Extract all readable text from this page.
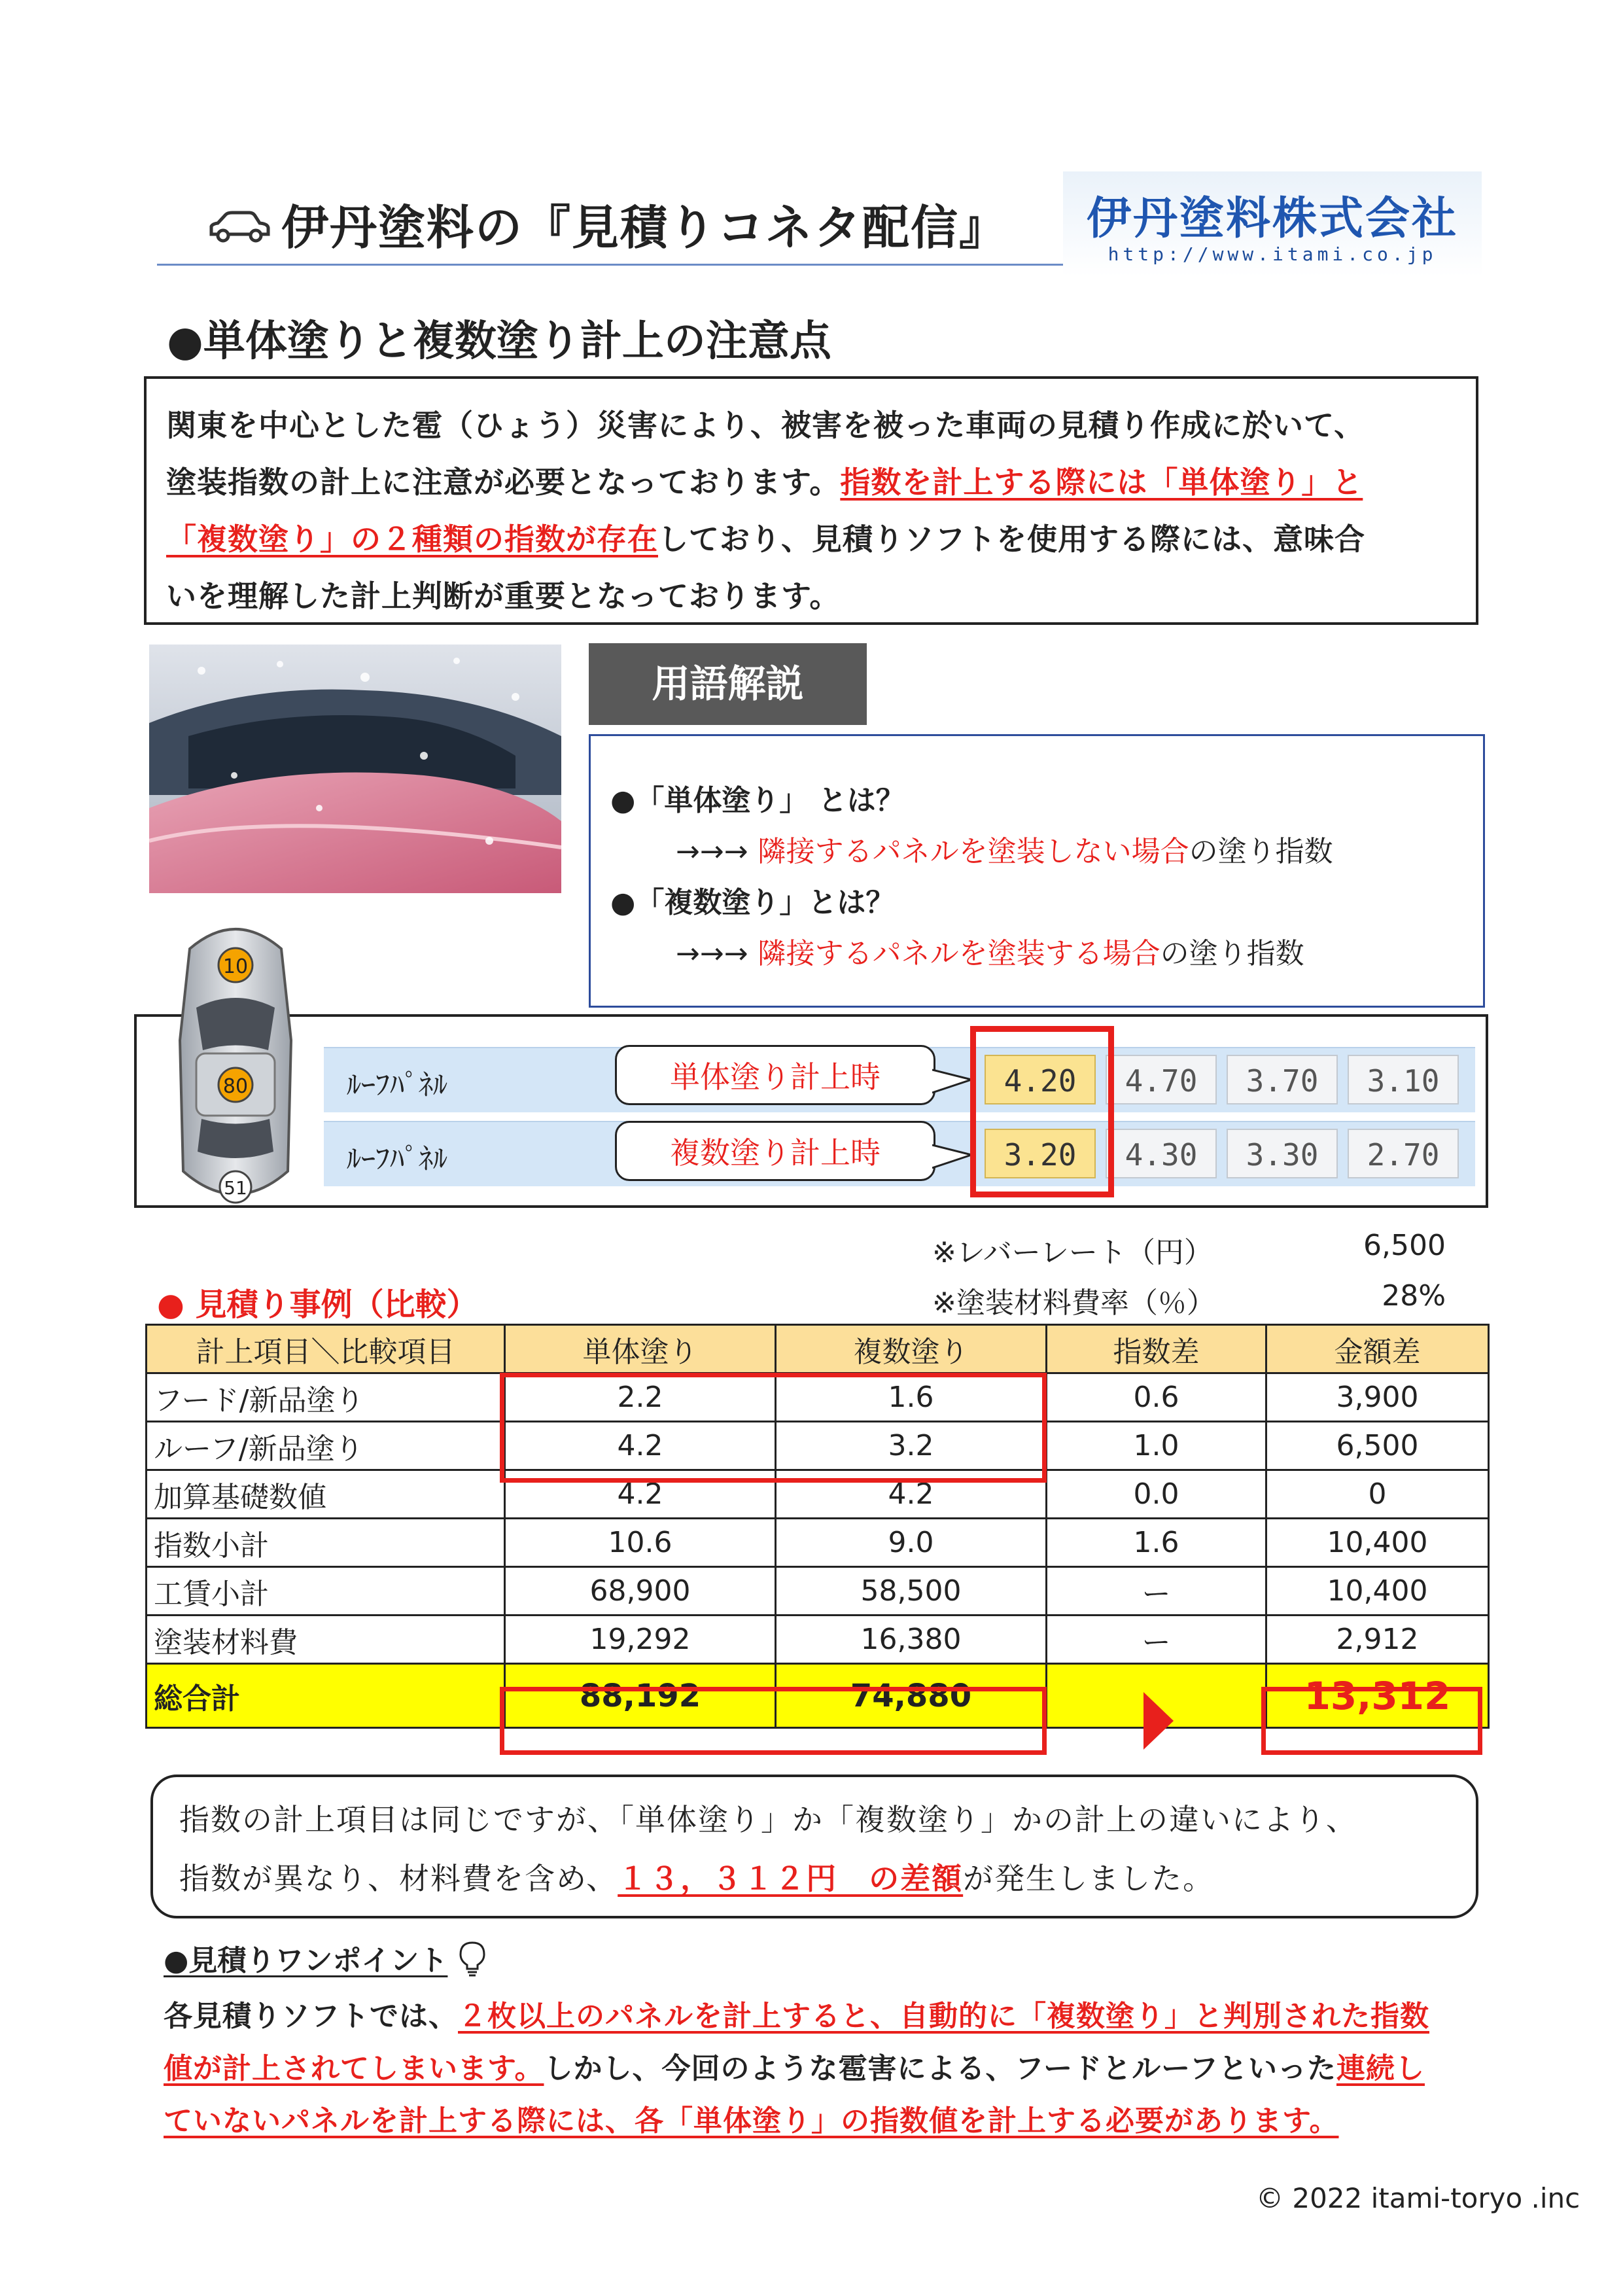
伊丹塗料の『見積りコネタ配信』	伊丹塗料株式会社
http://www.itami.co.jp
●単体塗りと複数塗り計上の注意点
関東を中心とした雹（ひょう）災害により、被害を被った車両の見積り作成に於いて、
塗装指数の計上に注意が必要となっております。指数を計上する際には「単体塗り」と
「複数塗り」の２種類の指数が存在しており、見積りソフトを使用する際には、意味合
いを理解した計上判断が重要となっております。
用語解説
●「単体塗り」 とは？
→→→ 隣接するパネルを塗装しない場合の塗り指数
●「複数塗り」とは？
→→→ 隣接するパネルを塗装する場合の塗り指数
10
80
51
ﾙｰﾌﾊﾟﾈﾙ	4.20	4.70	3.70	3.10
ﾙｰﾌﾊﾟﾈﾙ	3.20	4.30	3.30	2.70
単体塗り計上時
複数塗り計上時
※レバーレート（円）	6,500
※塗装材料費率（％）	28%
● 見積り事例（比較）
計上項目＼比較項目	単体塗り	複数塗り	指数差	金額差
フード/新品塗り	2.2	1.6	0.6	3,900
ルーフ/新品塗り	4.2	3.2	1.0	6,500
加算基礎数値	4.2	4.2	0.0	0
指数小計	10.6	9.0	1.6	10,400
工賃小計	68,900	58,500	ー	10,400
塗装材料費	19,292	16,380	ー	2,912
総合計	88,192	74,880		13,312
指数の計上項目は同じですが、「単体塗り」か「複数塗り」かの計上の違いにより、
指数が異なり、材料費を含め、１３，３１２円　の差額が発生しました。
●見積りワンポイント
各見積りソフトでは、２枚以上のパネルを計上すると、自動的に「複数塗り」と判別された指数
値が計上されてしまいます。しかし、今回のような雹害による、フードとルーフといった連続し
ていないパネルを計上する際には、各「単体塗り」の指数値を計上する必要があります。
© 2022 itami-toryo .inc
